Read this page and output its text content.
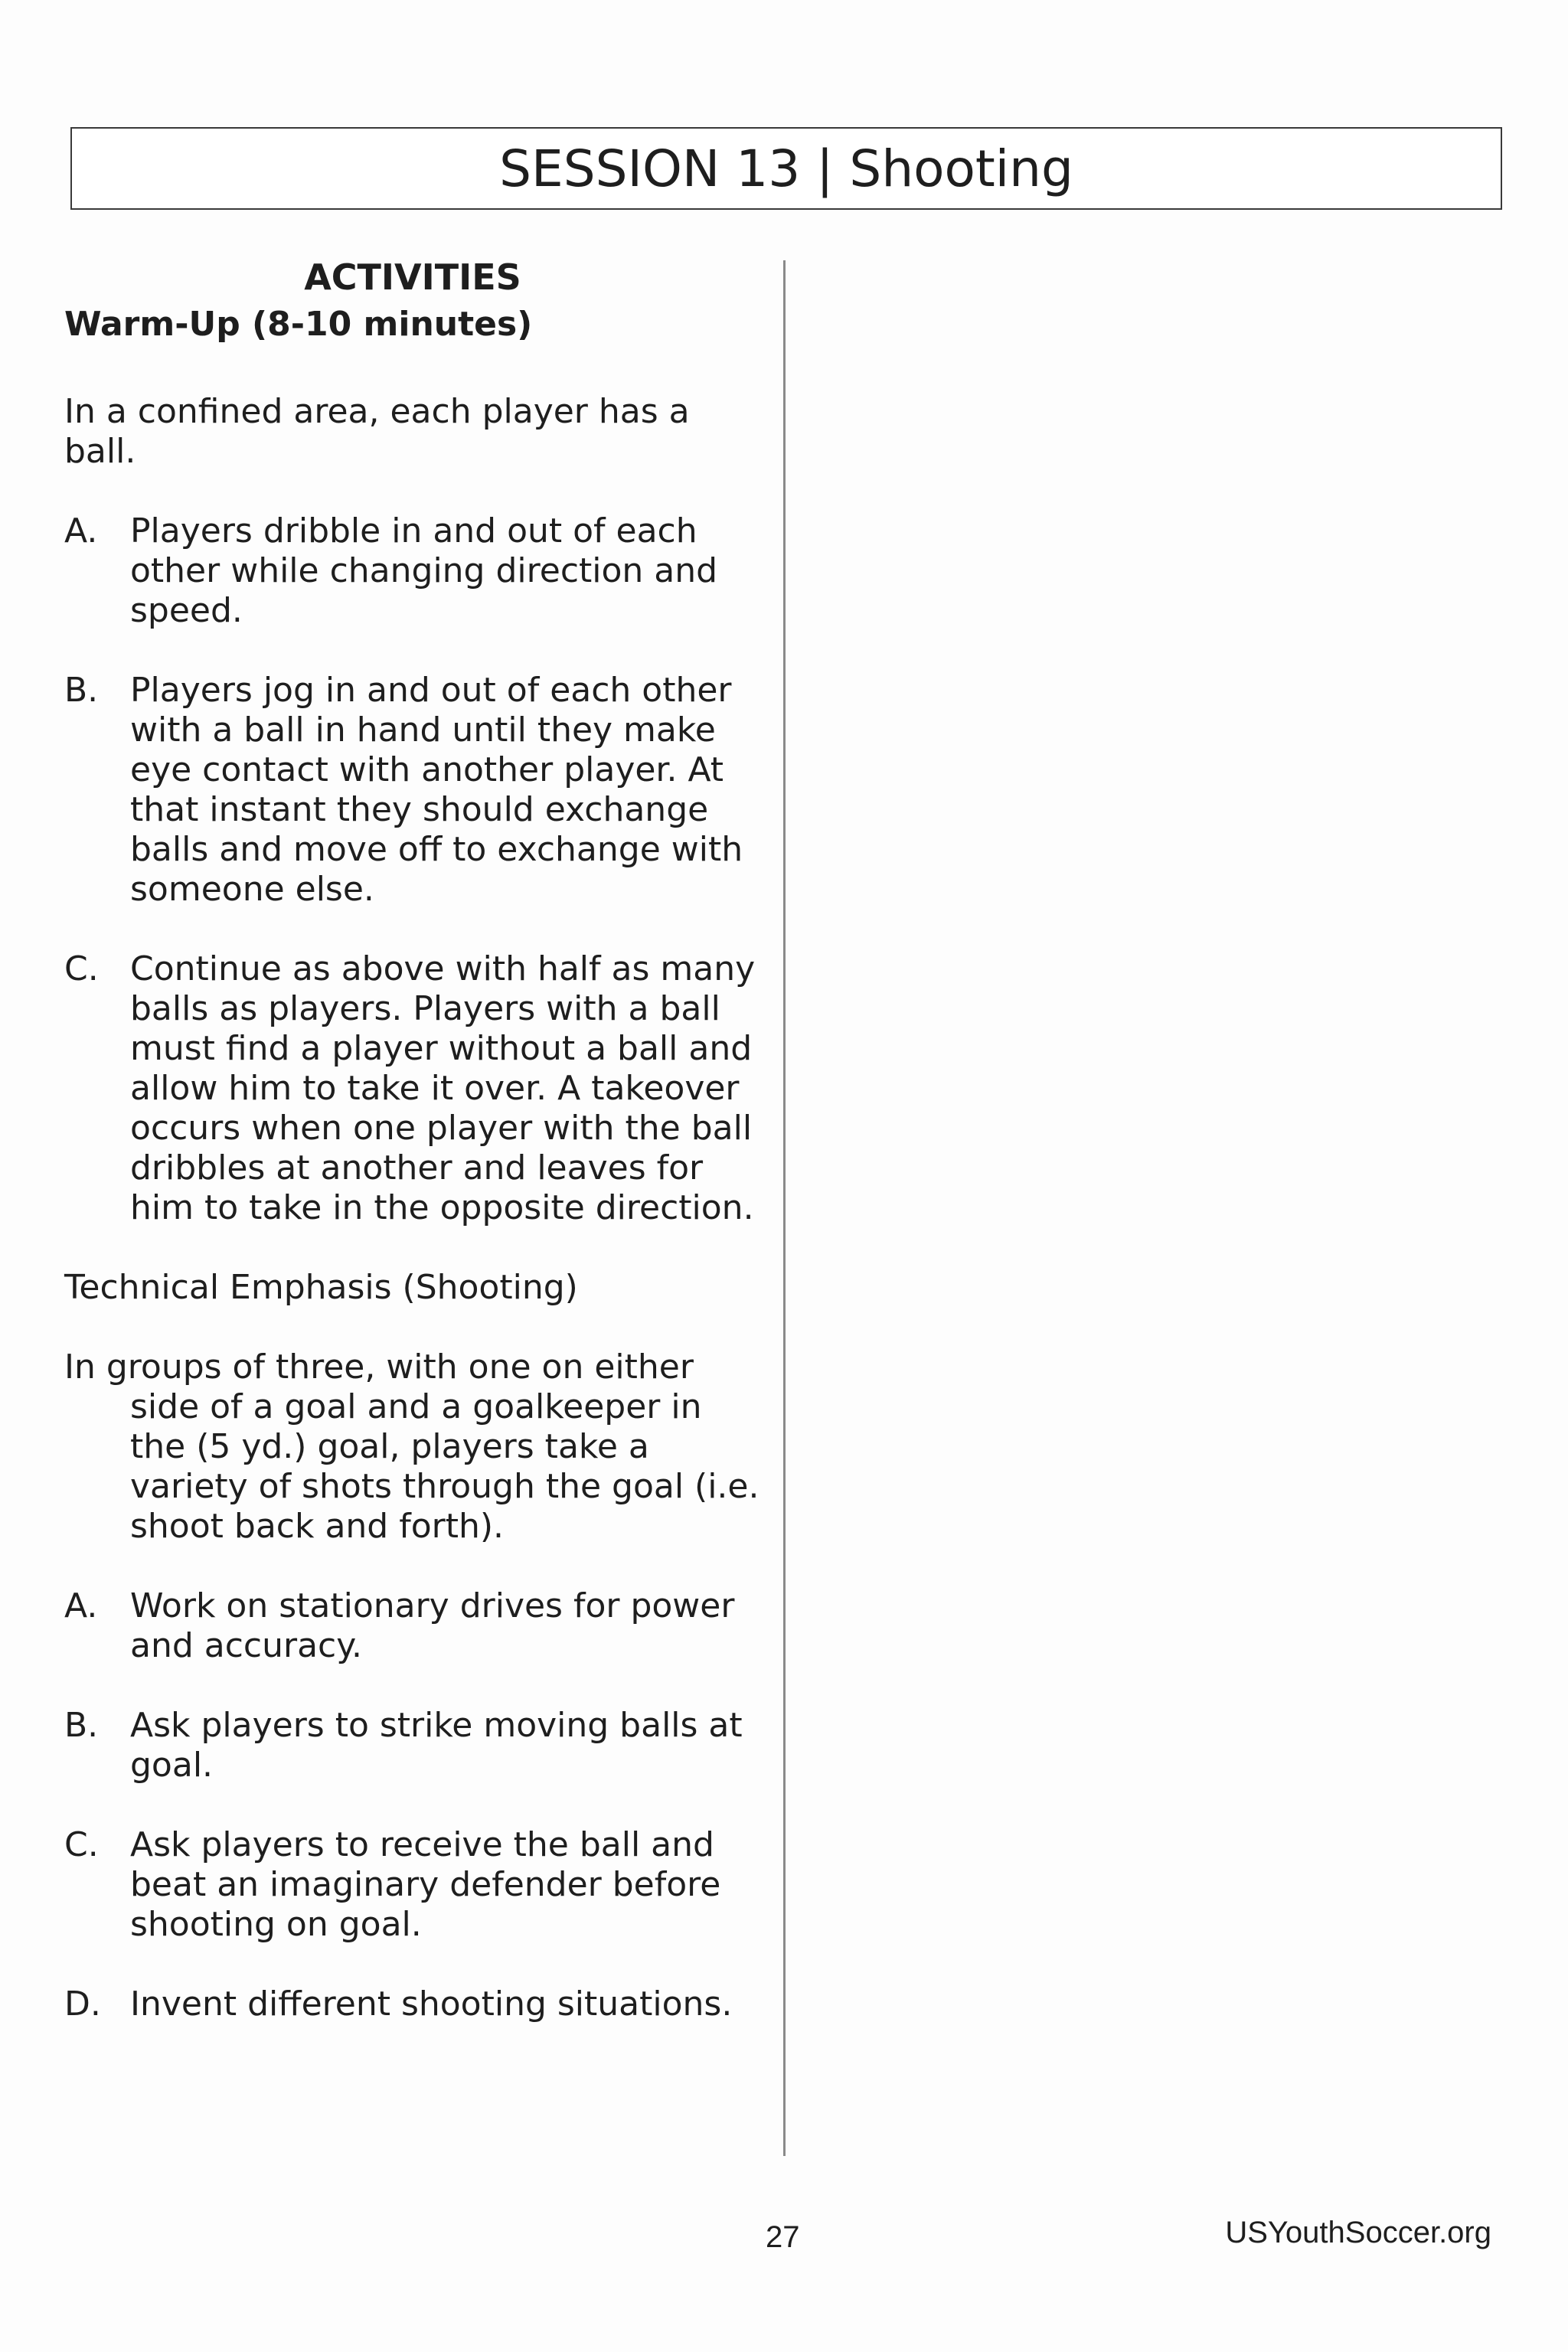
SESSION 13 | Shooting

ACTIVITIES

Warm-Up (8-10 minutes)

In a confined area, each player has a ball.

A. Players dribble in and out of each other while changing direction and speed.
B. Players jog in and out of each other with a ball in hand until they make eye contact with another player. At that instant they should exchange balls and move off to exchange with someone else.
C. Continue as above with half as many balls as players. Players with a ball must find a player without a ball and allow him to take it over. A takeover occurs when one player with the ball dribbles at another and leaves for him to take in the opposite direction.

Technical Emphasis (Shooting)

In groups of three, with one on either side of a goal and a goalkeeper in the (5 yd.) goal, players take a variety of shots through the goal (i.e. shoot back and forth).

A. Work on stationary drives for power and accuracy.
B. Ask players to strike moving balls at goal.
C. Ask players to receive the ball and beat an imaginary defender before shooting on goal.
D. Invent different shooting situations.
27	USYouthSoccer.org
